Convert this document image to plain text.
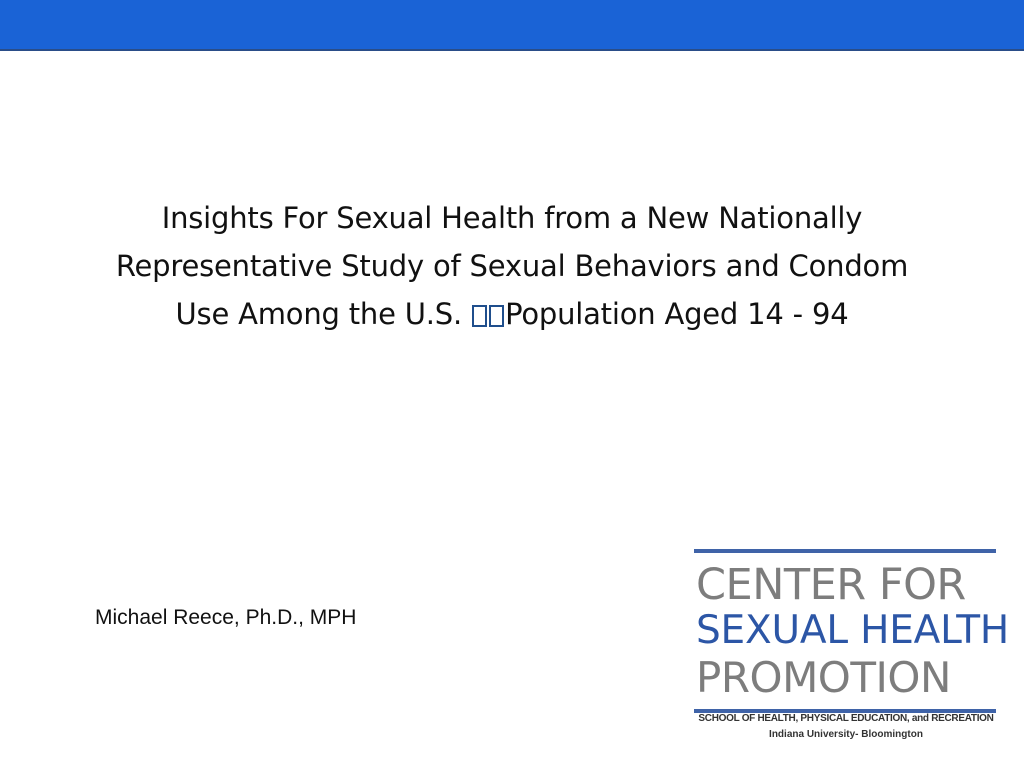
Insights For Sexual Health from a New Nationally
Representative Study of Sexual Behaviors and Condom
Use Among the U.S. Population Aged 14 - 94
Michael Reece, Ph.D., MPH
CENTER FOR
SEXUAL HEALTH
PROMOTION
SCHOOL OF HEALTH, PHYSICAL EDUCATION, and RECREATION
Indiana University- Bloomington
